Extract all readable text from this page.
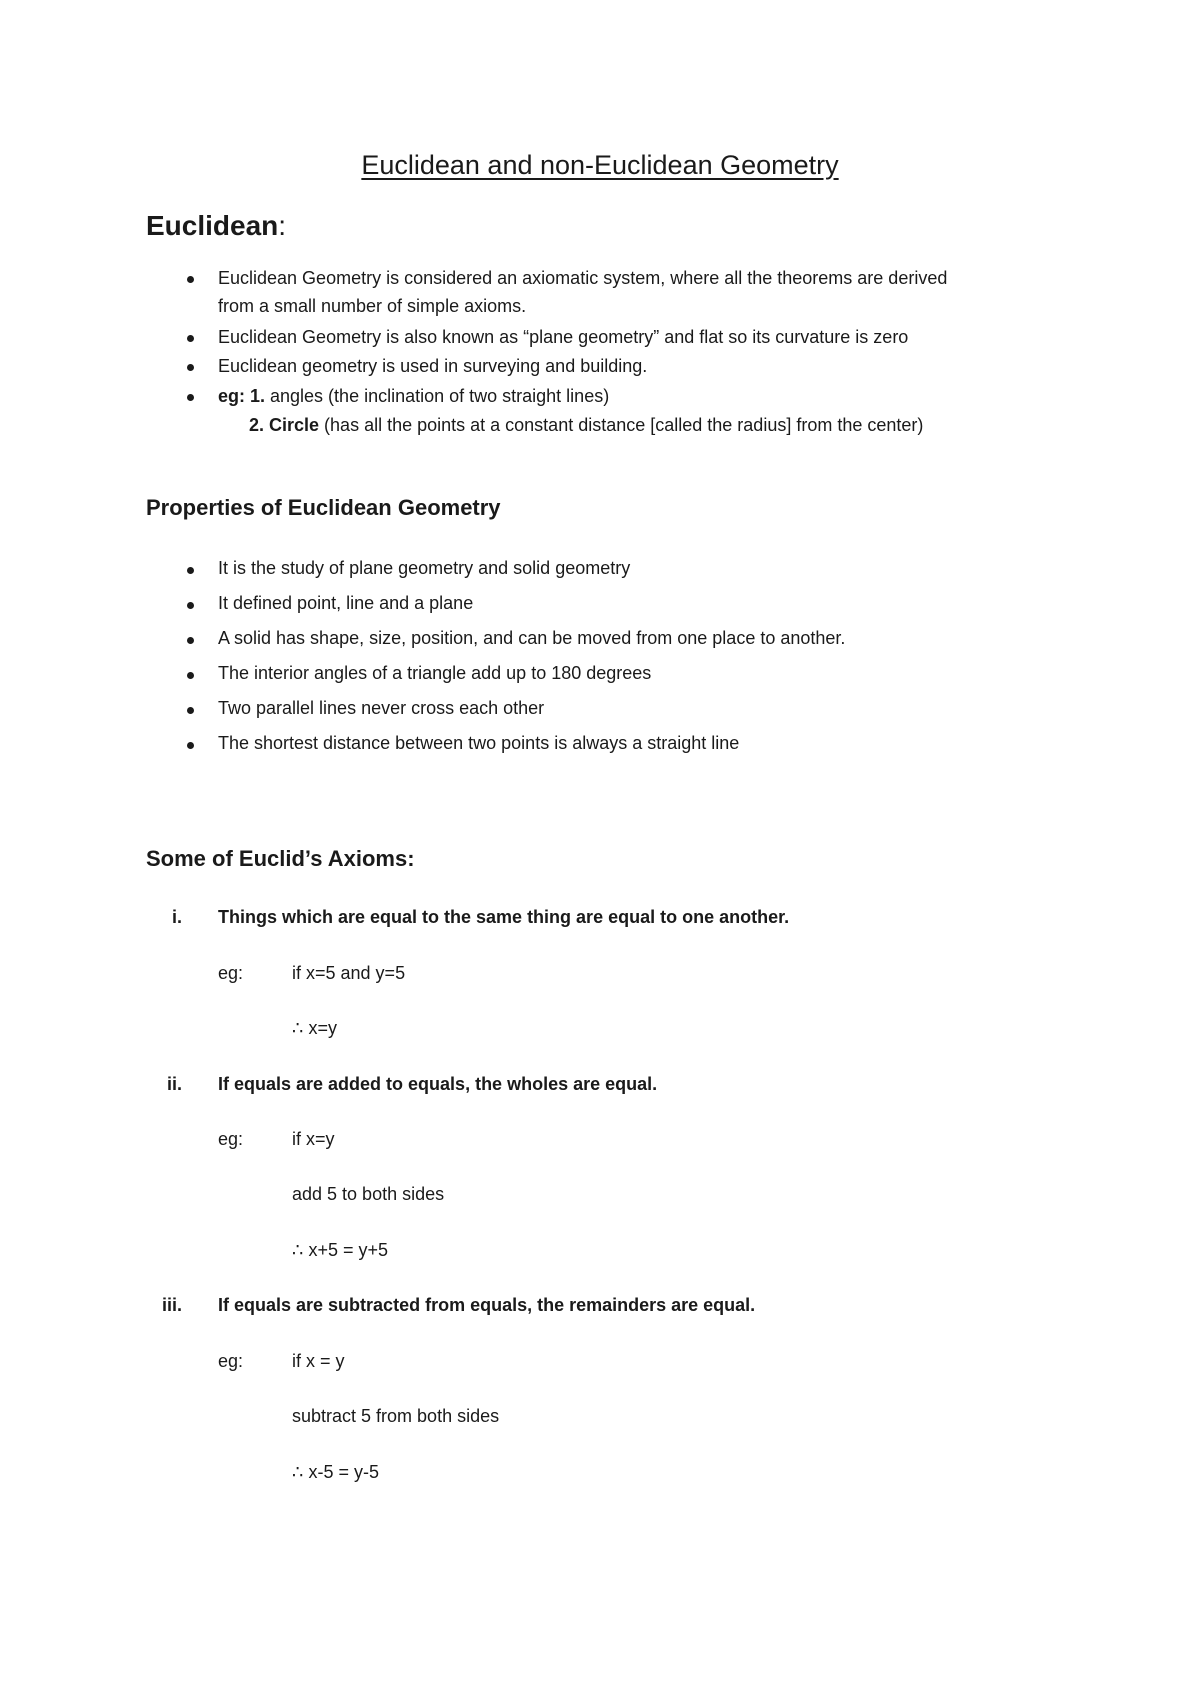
Euclidean and non-Euclidean Geometry
Euclidean:
Euclidean Geometry is considered an axiomatic system, where all the theorems are derived
from a small number of simple axioms.
Euclidean Geometry is also known as “plane geometry” and flat so its curvature is zero
Euclidean geometry is used in surveying and building.
eg: 1. angles (the inclination of two straight lines)
2. Circle (has all the points at a constant distance [called the radius] from the center)
Properties of Euclidean Geometry
It is the study of plane geometry and solid geometry
It defined point, line and a plane
A solid has shape, size, position, and can be moved from one place to another.
The interior angles of a triangle add up to 180 degrees
Two parallel lines never cross each other
The shortest distance between two points is always a straight line
Some of Euclid’s Axioms:
i. Things which are equal to the same thing are equal to one another.
eg:	if x=5 and y=5
∴ x=y
ii. If equals are added to equals, the wholes are equal.
eg:	if x=y
add 5 to both sides
∴ x+5 = y+5
iii. If equals are subtracted from equals, the remainders are equal.
eg:	if x = y
subtract 5 from both sides
∴ x-5 = y-5
